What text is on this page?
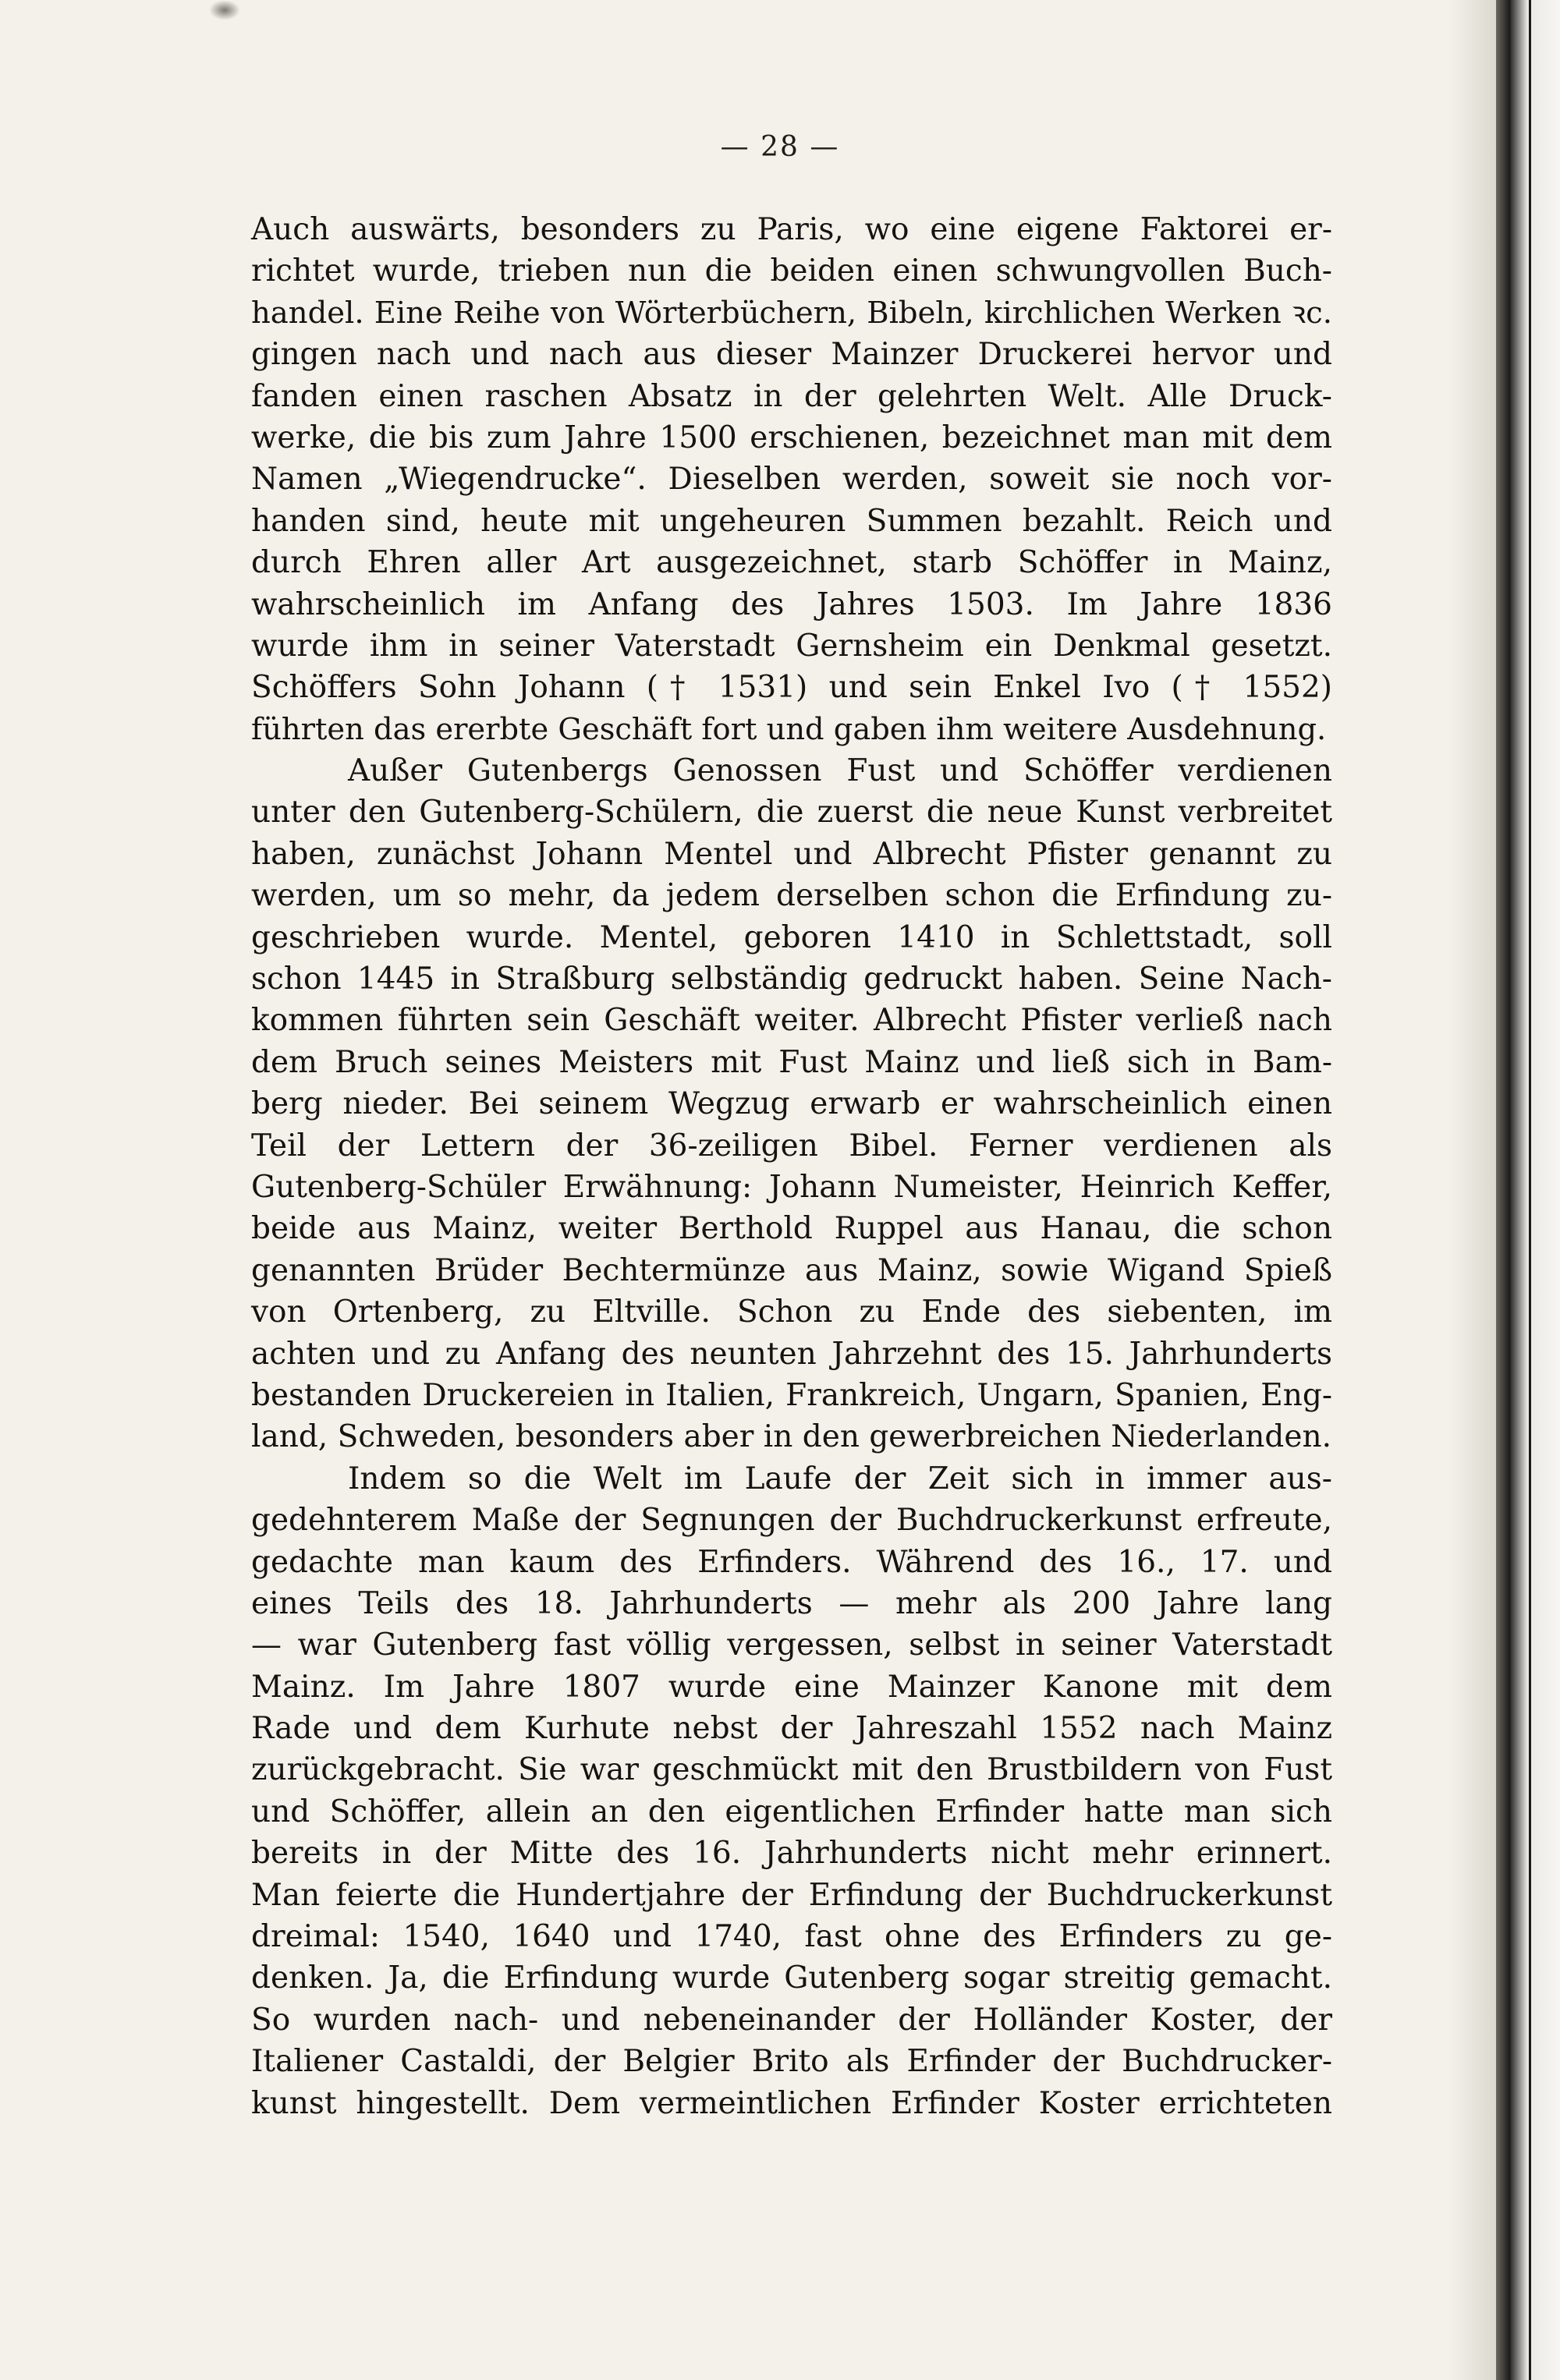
— 28 —
Auch auswärts, besonders zu Paris, wo eine eigene Faktorei er-
richtet wurde, trieben nun die beiden einen schwungvollen Buch-
handel. Eine Reihe von Wörterbüchern, Bibeln, kirchlichen Werken ꝛc.
gingen nach und nach aus dieser Mainzer Druckerei hervor und
fanden einen raschen Absatz in der gelehrten Welt. Alle Druck-
werke, die bis zum Jahre 1500 erschienen, bezeichnet man mit dem
Namen „Wiegendrucke“. Dieselben werden, soweit sie noch vor-
handen sind, heute mit ungeheuren Summen bezahlt. Reich und
durch Ehren aller Art ausgezeichnet, starb Schöffer in Mainz,
wahrscheinlich im Anfang des Jahres 1503. Im Jahre 1836
wurde ihm in seiner Vaterstadt Gernsheim ein Denkmal gesetzt.
Schöffers Sohn Johann († 1531) und sein Enkel Ivo († 1552)
führten das ererbte Geschäft fort und gaben ihm weitere Ausdehnung.
Außer Gutenbergs Genossen Fust und Schöffer verdienen
unter den Gutenberg-Schülern, die zuerst die neue Kunst verbreitet
haben, zunächst Johann Mentel und Albrecht Pfister genannt zu
werden, um so mehr, da jedem derselben schon die Erfindung zu-
geschrieben wurde. Mentel, geboren 1410 in Schlettstadt, soll
schon 1445 in Straßburg selbständig gedruckt haben. Seine Nach-
kommen führten sein Geschäft weiter. Albrecht Pfister verließ nach
dem Bruch seines Meisters mit Fust Mainz und ließ sich in Bam-
berg nieder. Bei seinem Wegzug erwarb er wahrscheinlich einen
Teil der Lettern der 36-zeiligen Bibel. Ferner verdienen als
Gutenberg-Schüler Erwähnung: Johann Numeister, Heinrich Keffer,
beide aus Mainz, weiter Berthold Ruppel aus Hanau, die schon
genannten Brüder Bechtermünze aus Mainz, sowie Wigand Spieß
von Ortenberg, zu Eltville. Schon zu Ende des siebenten, im
achten und zu Anfang des neunten Jahrzehnt des 15. Jahrhunderts
bestanden Druckereien in Italien, Frankreich, Ungarn, Spanien, Eng-
land, Schweden, besonders aber in den gewerbreichen Niederlanden.
Indem so die Welt im Laufe der Zeit sich in immer aus-
gedehnterem Maße der Segnungen der Buchdruckerkunst erfreute,
gedachte man kaum des Erfinders. Während des 16., 17. und
eines Teils des 18. Jahrhunderts — mehr als 200 Jahre lang
— war Gutenberg fast völlig vergessen, selbst in seiner Vaterstadt
Mainz. Im Jahre 1807 wurde eine Mainzer Kanone mit dem
Rade und dem Kurhute nebst der Jahreszahl 1552 nach Mainz
zurückgebracht. Sie war geschmückt mit den Brustbildern von Fust
und Schöffer, allein an den eigentlichen Erfinder hatte man sich
bereits in der Mitte des 16. Jahrhunderts nicht mehr erinnert.
Man feierte die Hundertjahre der Erfindung der Buchdruckerkunst
dreimal: 1540, 1640 und 1740, fast ohne des Erfinders zu ge-
denken. Ja, die Erfindung wurde Gutenberg sogar streitig gemacht.
So wurden nach- und nebeneinander der Holländer Koster, der
Italiener Castaldi, der Belgier Brito als Erfinder der Buchdrucker-
kunst hingestellt. Dem vermeintlichen Erfinder Koster errichteten
